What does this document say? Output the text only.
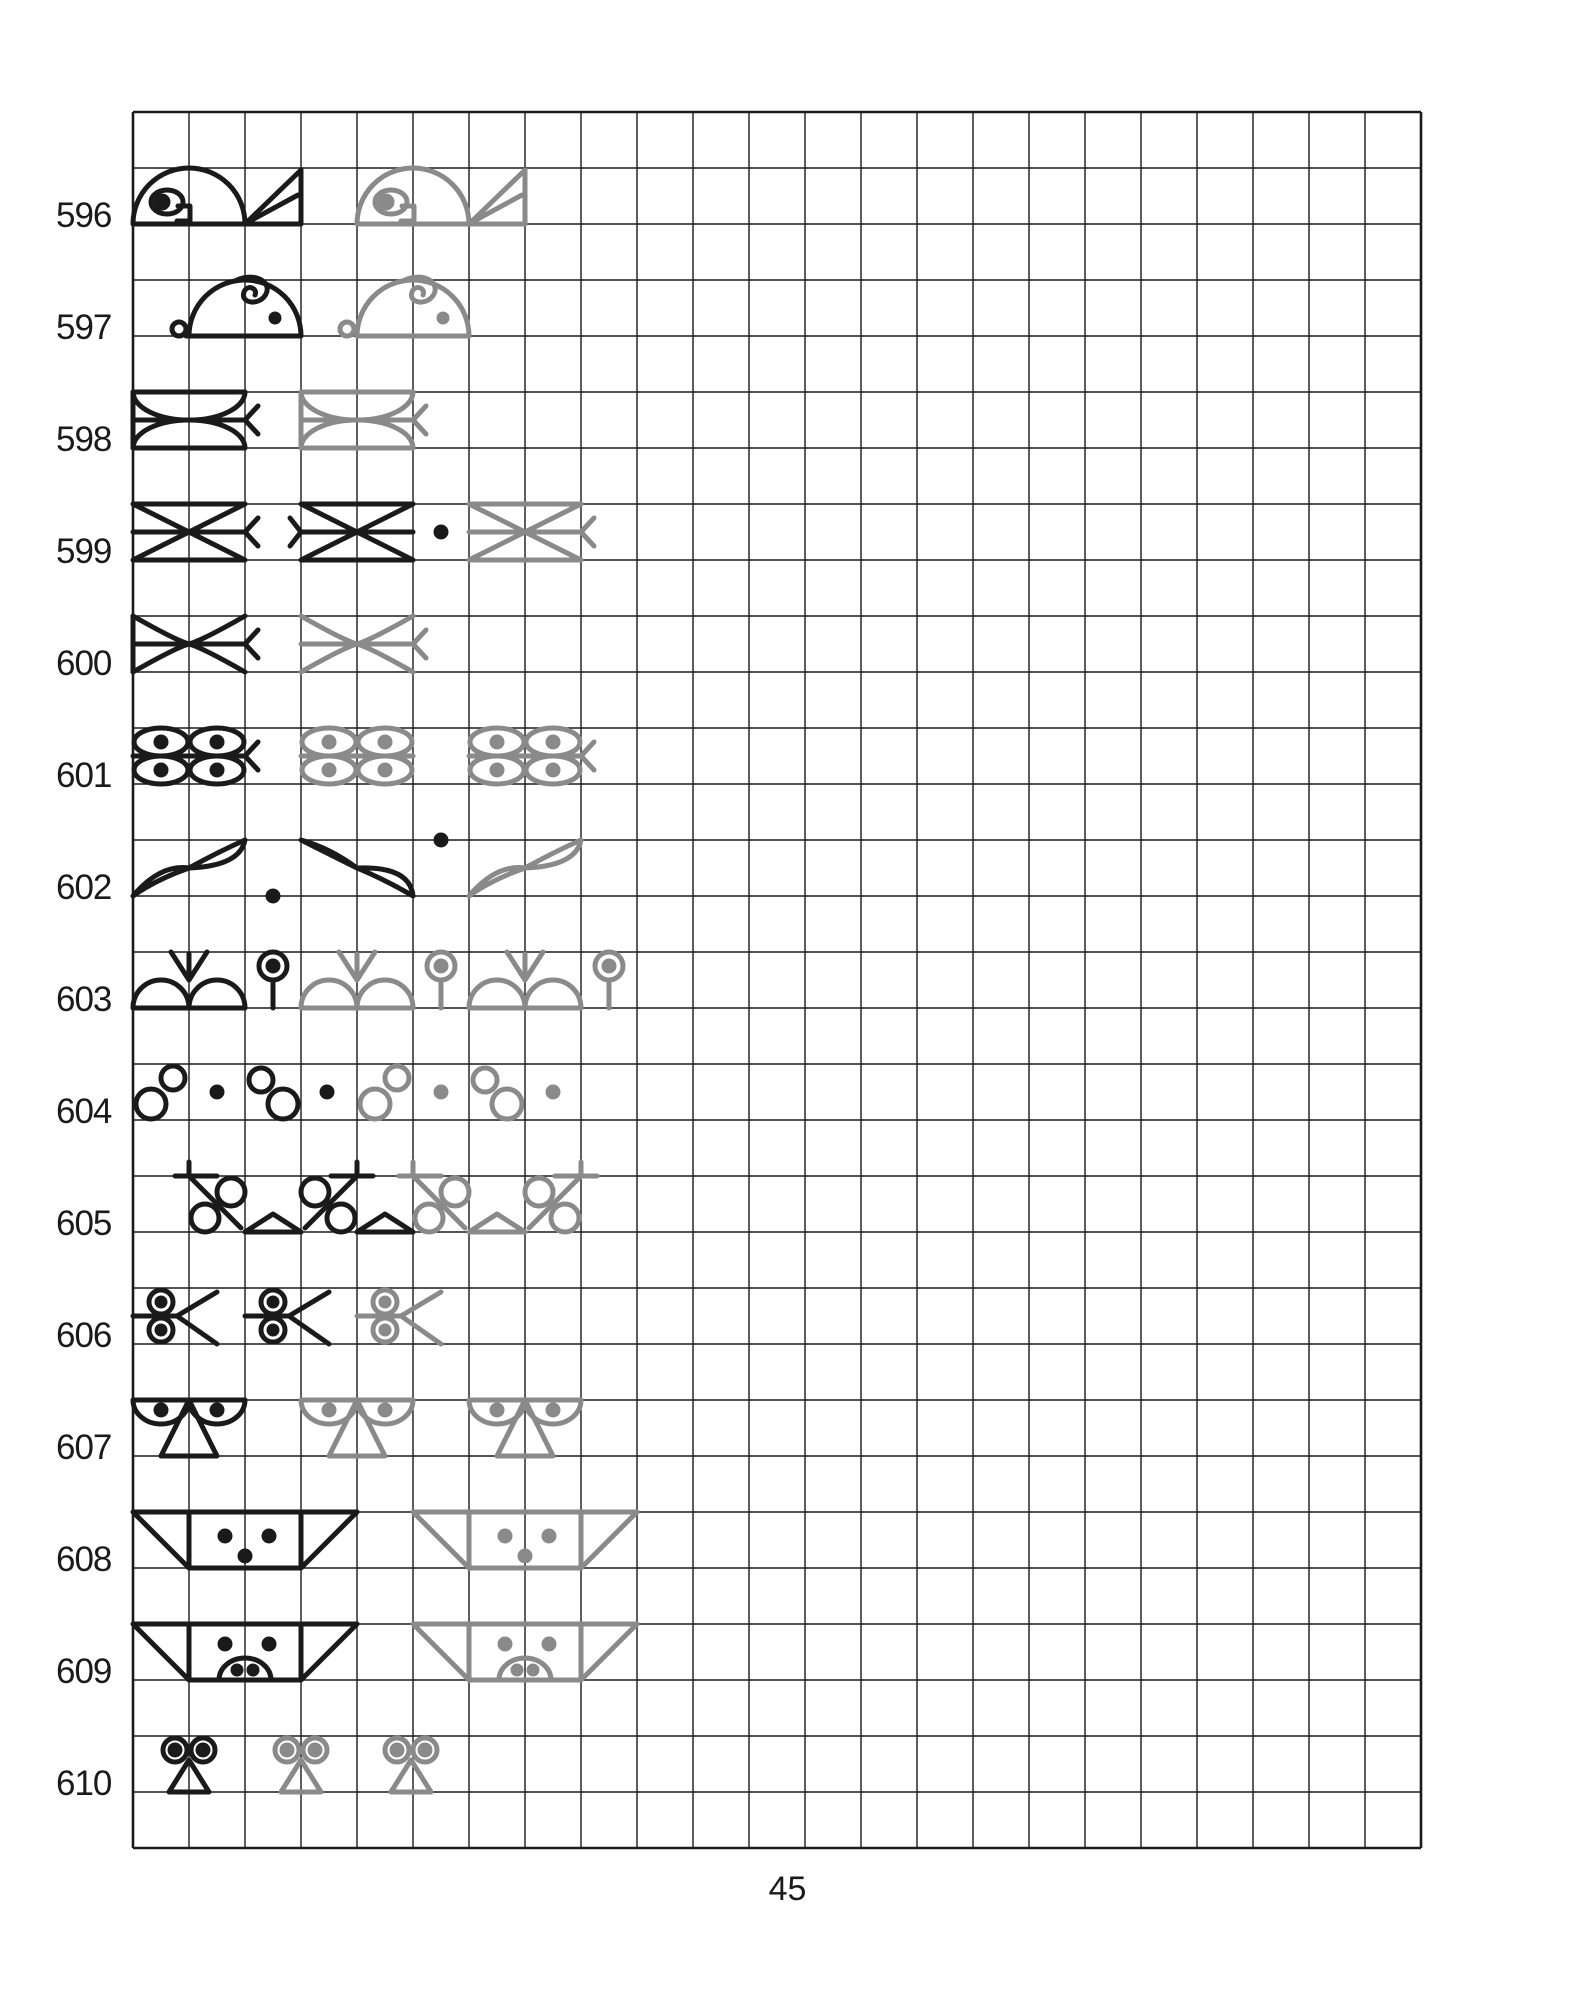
596
597
598
599
600
601
602
603
604
605
606
607
608
609
610
45
